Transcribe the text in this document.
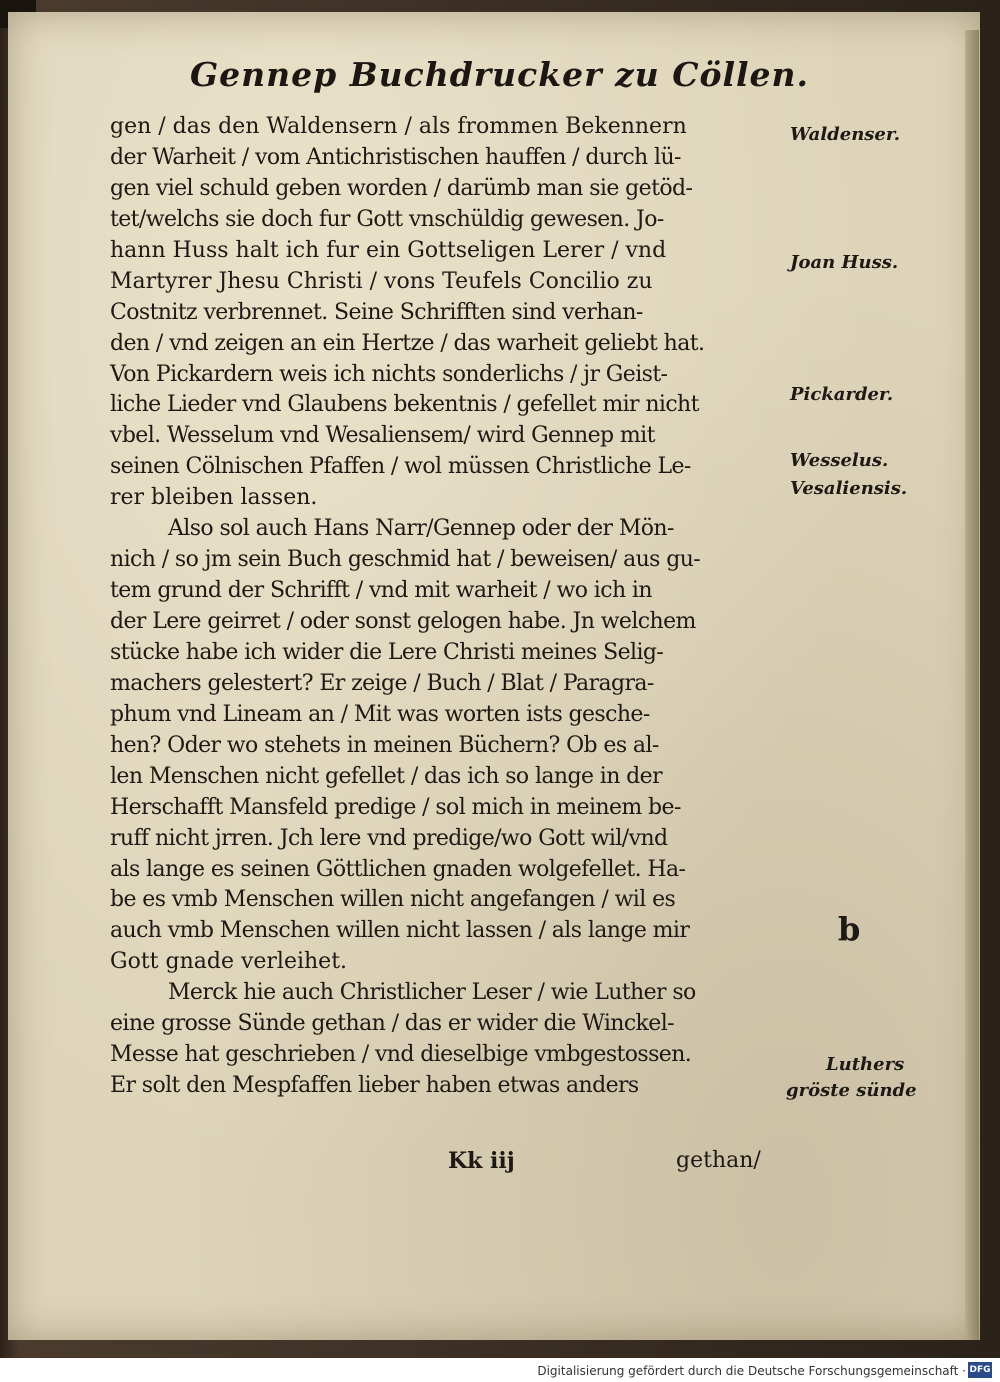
Gennep Buchdrucker zu Cöllen.
gen / das den Waldensern / als frommen Bekennern
der Warheit / vom Antichristischen hauffen / durch lü-
gen viel schuld geben worden / darümb man sie getöd-
tet/welchs sie doch fur Gott vnschüldig gewesen. Jo-
hann Huss halt ich fur ein Gottseligen Lerer / vnd
Martyrer Jhesu Christi / vons Teufels Concilio zu
Costnitz verbrennet. Seine Schrifften sind verhan-
den / vnd zeigen an ein Hertze / das warheit geliebt hat.
Von Pickardern weis ich nichts sonderlichs / jr Geist-
liche Lieder vnd Glaubens bekentnis / gefellet mir nicht
vbel. Wesselum vnd Wesaliensem/ wird Gennep mit
seinen Cölnischen Pfaffen / wol müssen Christliche Le-
rer bleiben lassen.
Also sol auch Hans Narr/Gennep oder der Mön-
nich / so jm sein Buch geschmid hat / beweisen/ aus gu-
tem grund der Schrifft / vnd mit warheit / wo ich in
der Lere geirret / oder sonst gelogen habe. Jn welchem
stücke habe ich wider die Lere Christi meines Selig-
machers gelestert? Er zeige / Buch / Blat / Paragra-
phum vnd Lineam an / Mit was worten ists gesche-
hen? Oder wo stehets in meinen Büchern? Ob es al-
len Menschen nicht gefellet / das ich so lange in der
Herschafft Mansfeld predige / sol mich in meinem be-
ruff nicht jrren. Jch lere vnd predige/wo Gott wil/vnd
als lange es seinen Göttlichen gnaden wolgefellet. Ha-
be es vmb Menschen willen nicht angefangen / wil es
auch vmb Menschen willen nicht lassen / als lange mir
Gott gnade verleihet.
Merck hie auch Christlicher Leser / wie Luther so
eine grosse Sünde gethan / das er wider die Winckel-
Messe hat geschrieben / vnd dieselbige vmbgestossen.
Er solt den Mespfaffen lieber haben etwas anders
Waldenser.
Joan Huss.
Pickarder.
Wesselus.
Vesaliensis.
Luthers
gröste sünde
b
Kk iij	gethan/
Digitalisierung gefördert durch die Deutsche Forschungsgemeinschaft · DFG
